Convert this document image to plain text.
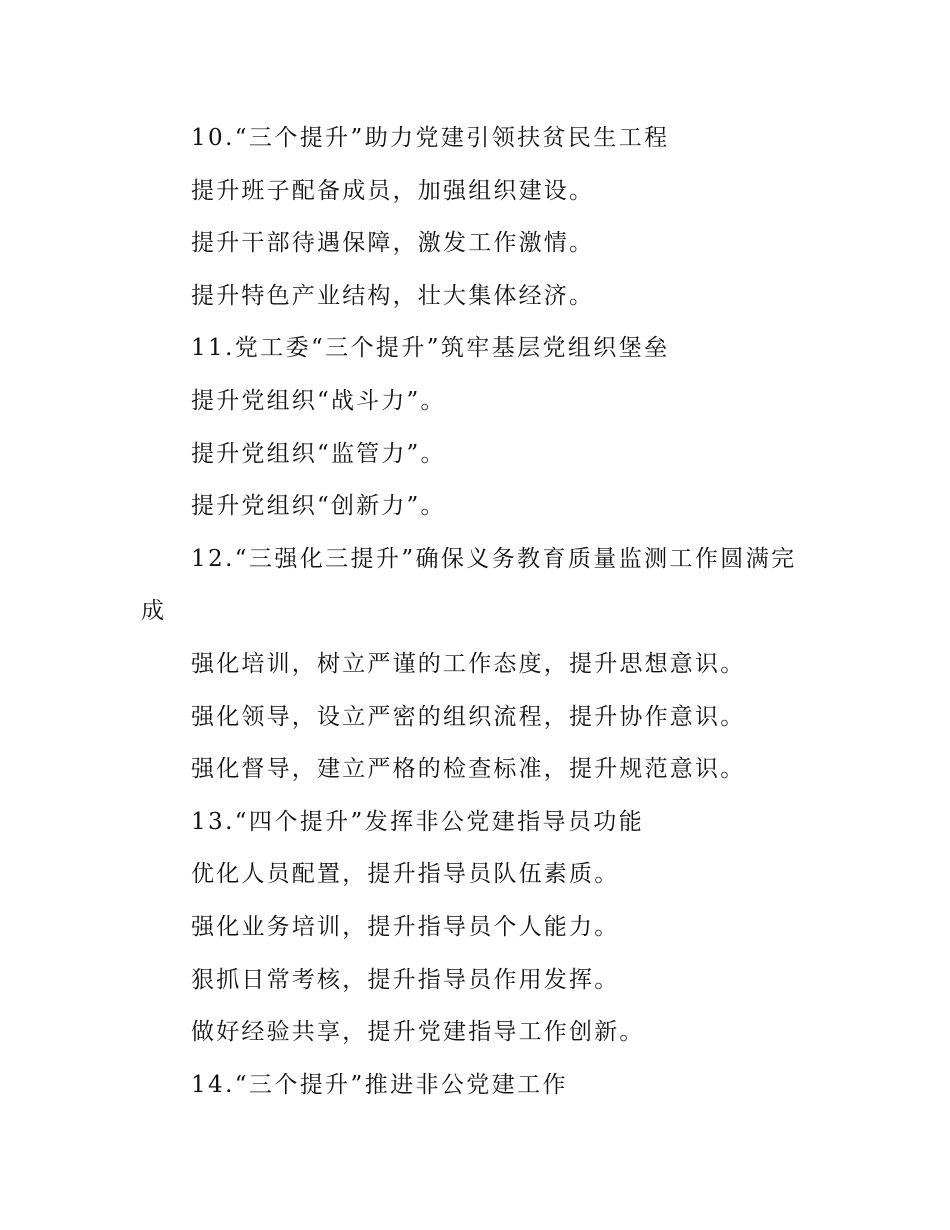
10.“三个提升”助力党建引领扶贫民生工程
提升班子配备成员，加强组织建设。
提升干部待遇保障，激发工作激情。
提升特色产业结构，壮大集体经济。
11.党工委“三个提升”筑牢基层党组织堡垒
提升党组织“战斗力”。
提升党组织“监管力”。
提升党组织“创新力”。
12.“三强化三提升”确保义务教育质量监测工作圆满完成
强化培训，树立严谨的工作态度，提升思想意识。
强化领导，设立严密的组织流程，提升协作意识。
强化督导，建立严格的检查标准，提升规范意识。
13.“四个提升”发挥非公党建指导员功能
优化人员配置，提升指导员队伍素质。
强化业务培训，提升指导员个人能力。
狠抓日常考核，提升指导员作用发挥。
做好经验共享，提升党建指导工作创新。
14.“三个提升”推进非公党建工作
